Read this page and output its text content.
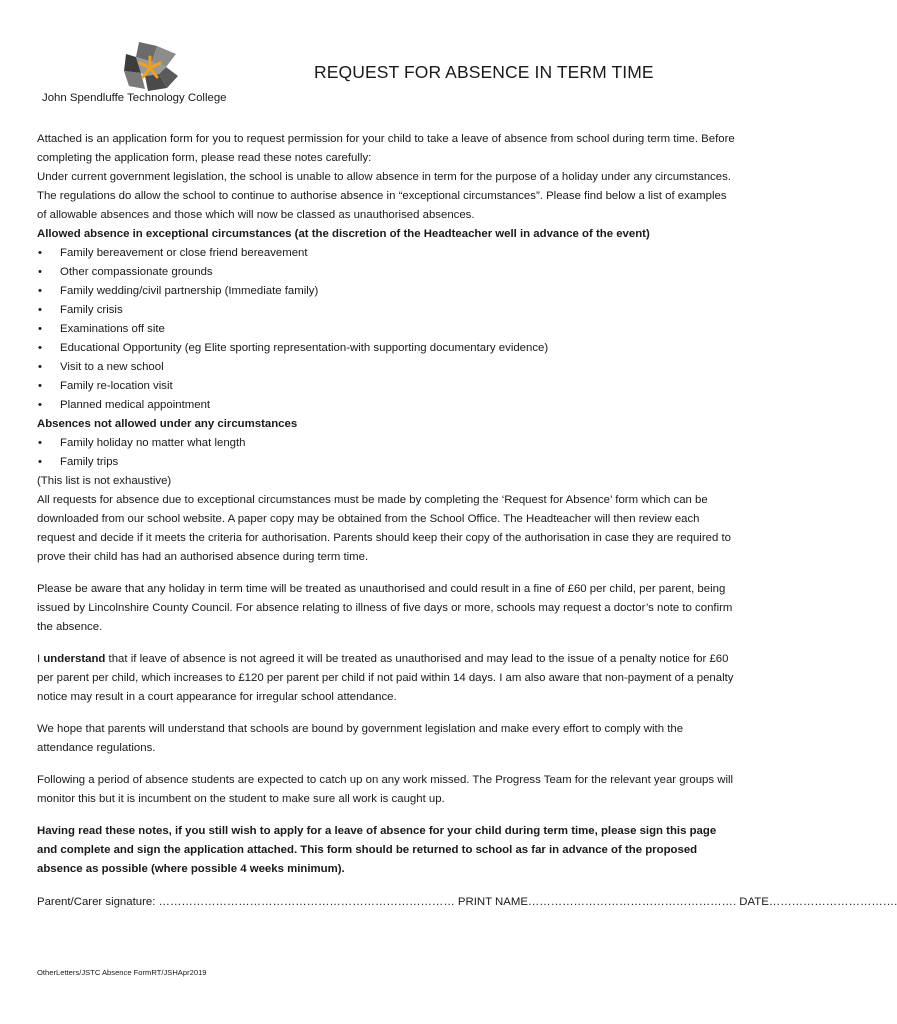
John Spendluffe Technology College
REQUEST FOR ABSENCE IN TERM TIME

Attached is an application form for you to request permission for your child to take a leave of absence from school during term time. Before completing the application form, please read these notes carefully:

Under current government legislation, the school is unable to allow absence in term for the purpose of a holiday under any circumstances. The regulations do allow the school to continue to authorise absence in “exceptional circumstances”. Please find below a list of examples of allowable absences and those which will now be classed as unauthorised absences.

Allowed absence in exceptional circumstances (at the discretion of the Headteacher well in advance of the event)

• Family bereavement or close friend bereavement
• Other compassionate grounds
• Family wedding/civil partnership (Immediate family)
• Family crisis
• Examinations off site
• Educational Opportunity (eg Elite sporting representation-with supporting documentary evidence)
• Visit to a new school
• Family re-location visit
• Planned medical appointment

Absences not allowed under any circumstances

• Family holiday no matter what length
• Family trips

(This list is not exhaustive)

All requests for absence due to exceptional circumstances must be made by completing the ‘Request for Absence’ form which can be downloaded from our school website. A paper copy may be obtained from the School Office. The Headteacher will then review each request and decide if it meets the criteria for authorisation. Parents should keep their copy of the authorisation in case they are required to prove their child has had an authorised absence during term time.

Please be aware that any holiday in term time will be treated as unauthorised and could result in a fine of £60 per child, per parent, being issued by Lincolnshire County Council. For absence relating to illness of five days or more, schools may request a doctor’s note to confirm the absence.

I understand that if leave of absence is not agreed it will be treated as unauthorised and may lead to the issue of a penalty notice for £60 per parent per child, which increases to £120 per parent per child if not paid within 14 days. I am also aware that non-payment of a penalty notice may result in a court appearance for irregular school attendance.

We hope that parents will understand that schools are bound by government legislation and make every effort to comply with the attendance regulations.

Following a period of absence students are expected to catch up on any work missed. The Progress Team for the relevant year groups will monitor this but it is incumbent on the student to make sure all work is caught up.

Having read these notes, if you still wish to apply for a leave of absence for your child during term time, please sign this page and complete and sign the application attached. This form should be returned to school as far in advance of the proposed absence as possible (where possible 4 weeks minimum).

Parent/Carer signature: …………………………………………………………………… PRINT NAME………………………………………………. DATE…………………………….

OtherLetters/JSTC Absence FormRT/JSHApr2019
